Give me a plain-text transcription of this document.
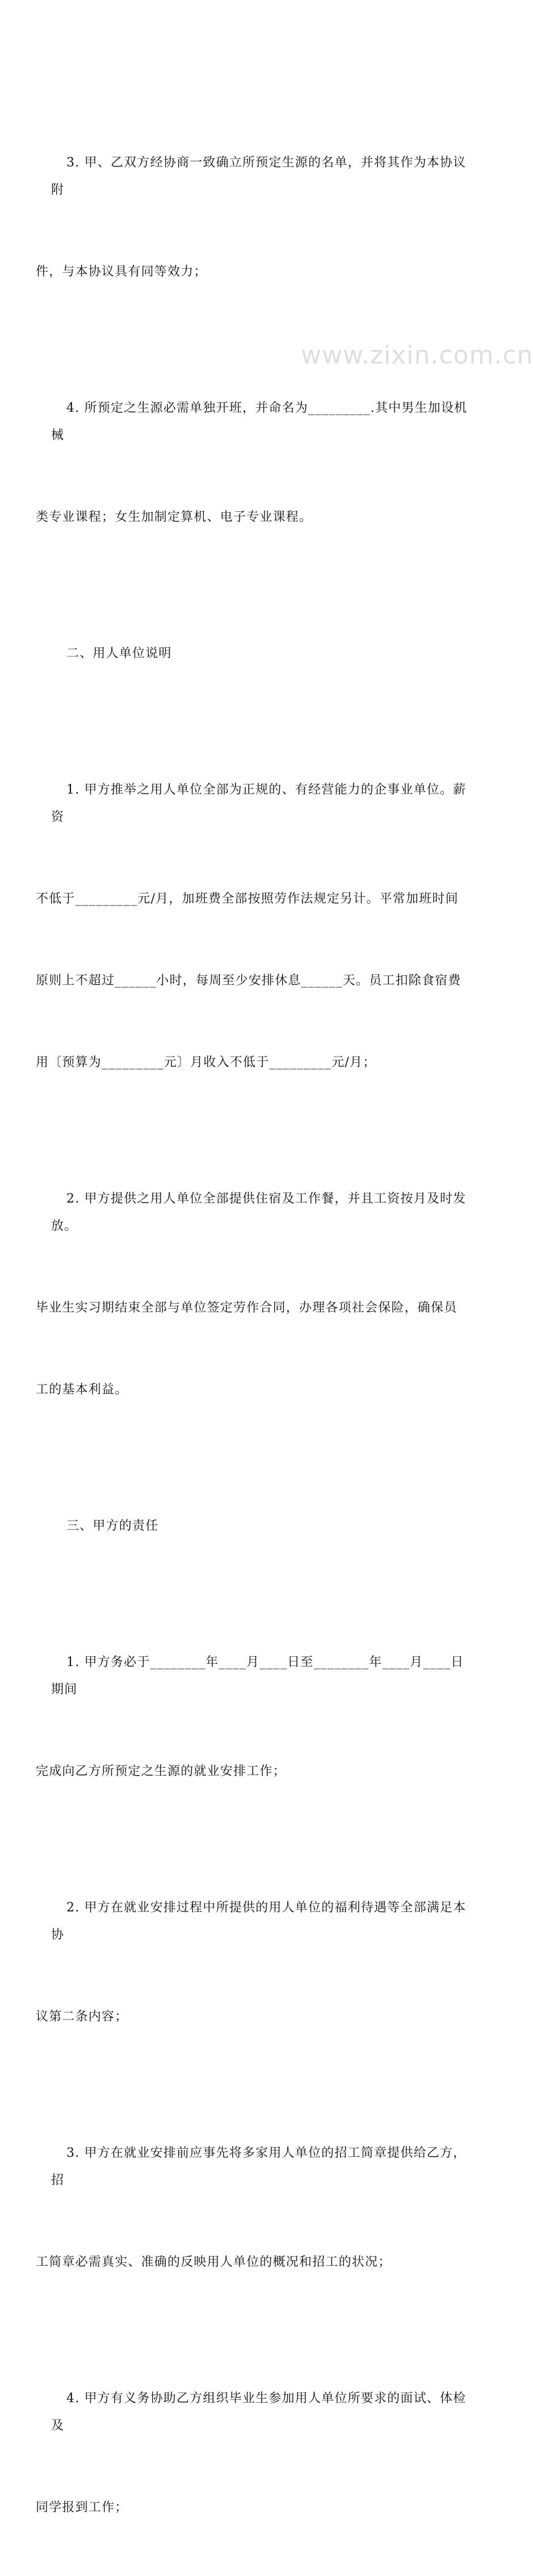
3. 甲、乙双方经协商一致确立所预定生源的名单，并将其作为本协议附

件，与本协议具有同等效力；

4. 所预定之生源必需单独开班，并命名为_________.其中男生加设机械

类专业课程；女生加制定算机、电子专业课程。

二、用人单位说明

1. 甲方推举之用人单位全部为正规的、有经营能力的企事业单位。薪资

不低于_________元/月，加班费全部按照劳作法规定另计。平常加班时间

原则上不超过______小时，每周至少安排休息______天。员工扣除食宿费

用〔预算为_________元〕月收入不低于_________元/月；

2. 甲方提供之用人单位全部提供住宿及工作餐，并且工资按月及时发放。

毕业生实习期结束全部与单位签定劳作合同，办理各项社会保险，确保员

工的基本利益。

三、甲方的责任

1. 甲方务必于________年____月____日至________年____月____日期间

完成向乙方所预定之生源的就业安排工作；

2. 甲方在就业安排过程中所提供的用人单位的福利待遇等全部满足本协

议第二条内容；

3. 甲方在就业安排前应事先将多家用人单位的招工简章提供给乙方，招

工简章必需真实、准确的反映用人单位的概况和招工的状况；

4. 甲方有义务协助乙方组织毕业生参加用人单位所要求的面试、体检及

同学报到工作；

www.zixin.com.cn
